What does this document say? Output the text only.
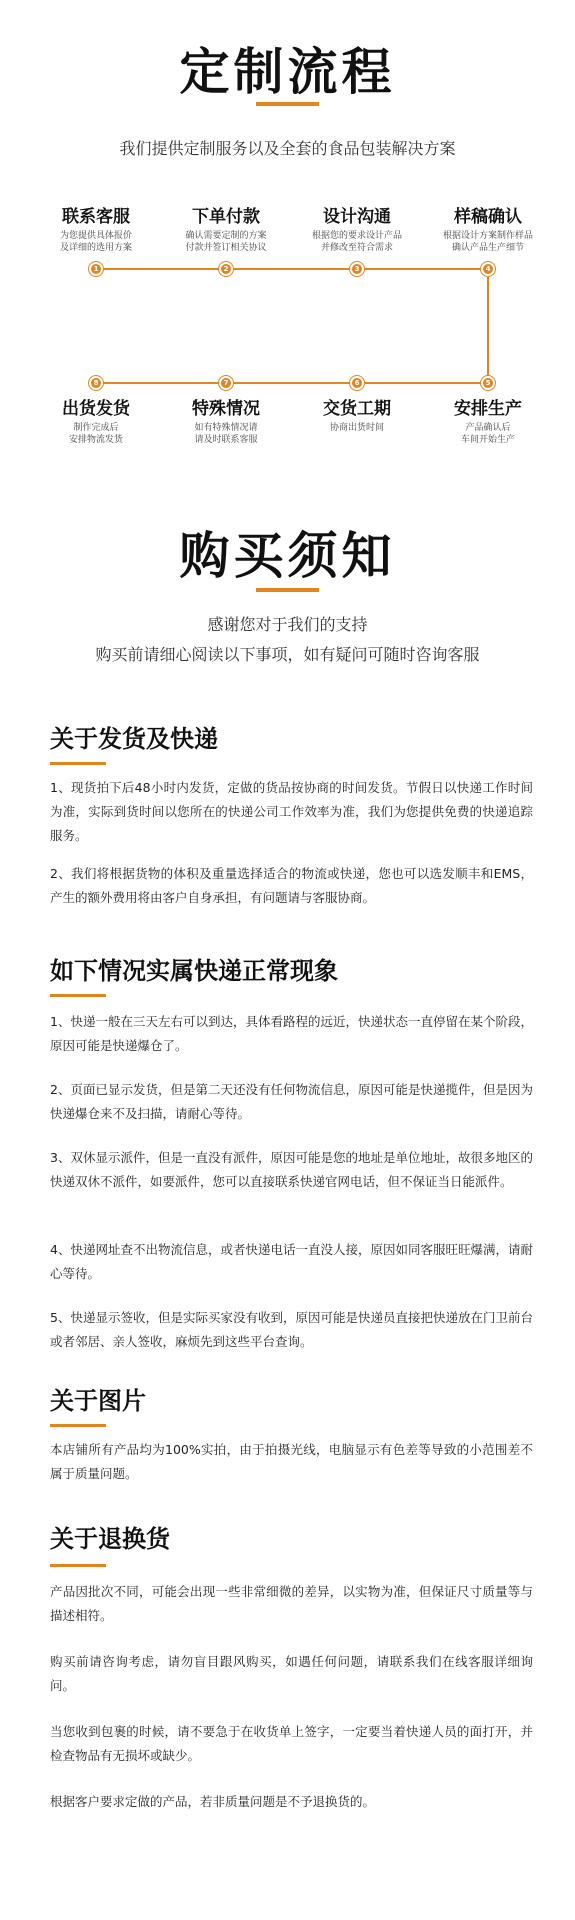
定制流程
我们提供定制服务以及全套的食品包装解决方案
联系客服
为您提供具体报价
及详细的选用方案
下单付款
确认需要定制的方案
付款并签订相关协议
设计沟通
根据您的要求设计产品
并修改至符合需求
样稿确认
根据设计方案制作样品
确认产品生产细节
1	2	3	4
8	7	6	5
出货发货
制作完成后
安排物流发货
特殊情况
如有特殊情况请
请及时联系客服
交货工期
协商出货时间
安排生产
产品确认后
车间开始生产
购买须知
感谢您对于我们的支持
购买前请细心阅读以下事项，如有疑问可随时咨询客服
关于发货及快递
1、现货拍下后48小时内发货，定做的货品按协商的时间发货。节假日以快递工作时间为准，实际到货时间以您所在的快递公司工作效率为准，我们为您提供免费的快递追踪服务。
2、我们将根据货物的体积及重量选择适合的物流或快递，您也可以选发顺丰和EMS，产生的额外费用将由客户自身承担，有问题请与客服协商。
如下情况实属快递正常现象
1、快递一般在三天左右可以到达，具体看路程的远近，快递状态一直停留在某个阶段，原因可能是快递爆仓了。
2、页面已显示发货，但是第二天还没有任何物流信息，原因可能是快递揽件，但是因为快递爆仓来不及扫描，请耐心等待。
3、双休显示派件，但是一直没有派件，原因可能是您的地址是单位地址，故很多地区的快递双休不派件，如要派件，您可以直接联系快递官网电话，但不保证当日能派件。
4、快递网址查不出物流信息，或者快递电话一直没人接，原因如同客服旺旺爆满，请耐心等待。
5、快递显示签收，但是实际买家没有收到，原因可能是快递员直接把快递放在门卫前台或者邻居、亲人签收，麻烦先到这些平台查询。
关于图片
本店铺所有产品均为100%实拍，由于拍摄光线，电脑显示有色差等导致的小范围差不属于质量问题。
关于退换货
产品因批次不同，可能会出现一些非常细微的差异，以实物为准，但保证尺寸质量等与描述相符。
购买前请咨询考虑，请勿盲目跟风购买，如遇任何问题，请联系我们在线客服详细询问。
当您收到包裹的时候，请不要急于在收货单上签字，一定要当着快递人员的面打开，并检查物品有无损坏或缺少。
根据客户要求定做的产品，若非质量问题是不予退换货的。
